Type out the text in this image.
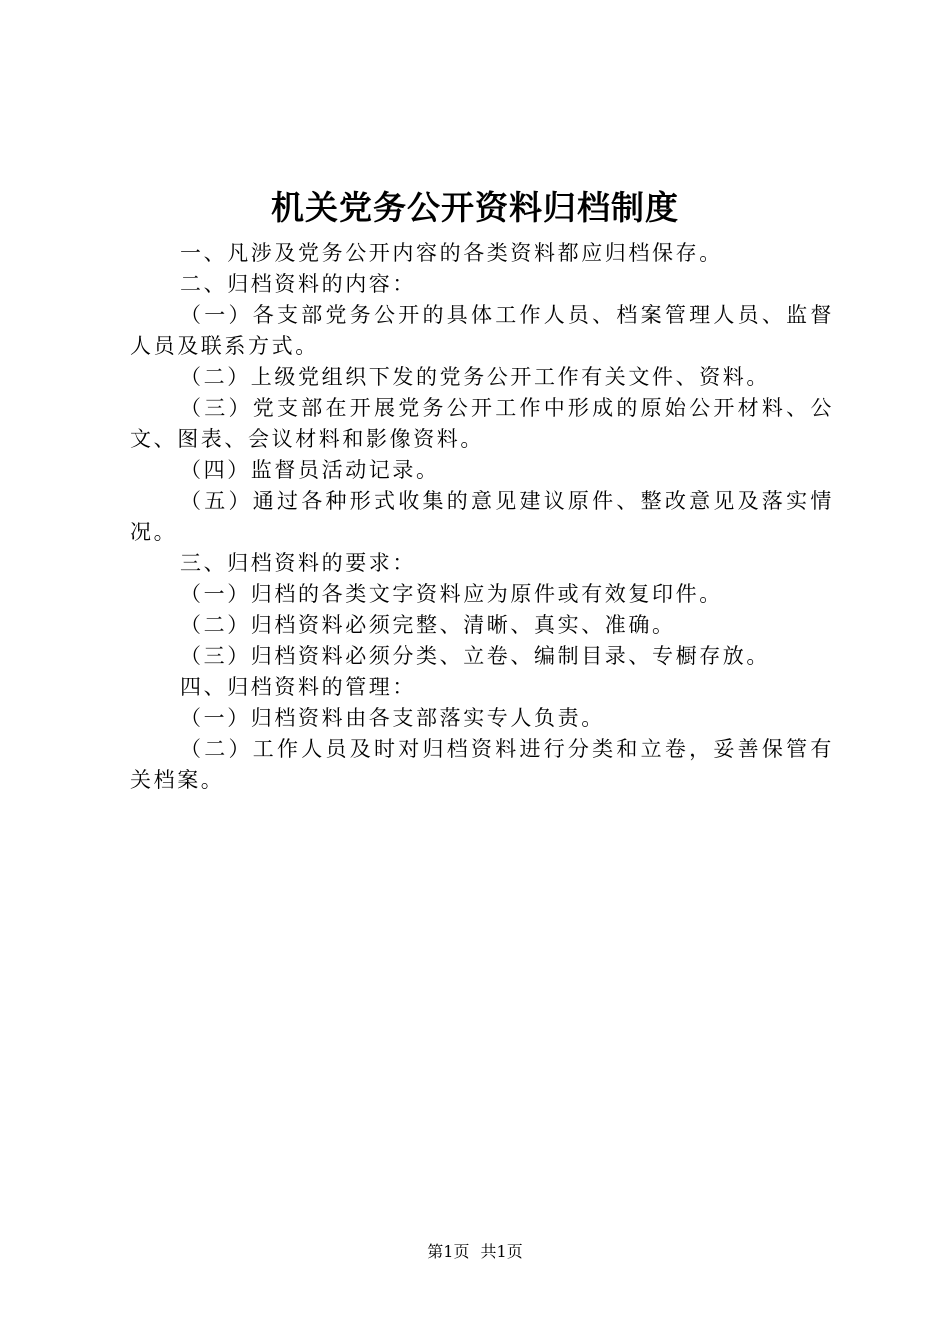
机关党务公开资料归档制度

一、凡涉及党务公开内容的各类资料都应归档保存。

二、归档资料的内容：

（一）各支部党务公开的具体工作人员、档案管理人员、监督人员及联系方式。

（二）上级党组织下发的党务公开工作有关文件、资料。

（三）党支部在开展党务公开工作中形成的原始公开材料、公文、图表、会议材料和影像资料。

（四）监督员活动记录。

（五）通过各种形式收集的意见建议原件、整改意见及落实情况。

三、归档资料的要求：

（一）归档的各类文字资料应为原件或有效复印件。

（二）归档资料必须完整、清晰、真实、准确。

（三）归档资料必须分类、立卷、编制目录、专橱存放。

四、归档资料的管理：

（一）归档资料由各支部落实专人负责。

（二）工作人员及时对归档资料进行分类和立卷，妥善保管有关档案。

第1页 共1页
